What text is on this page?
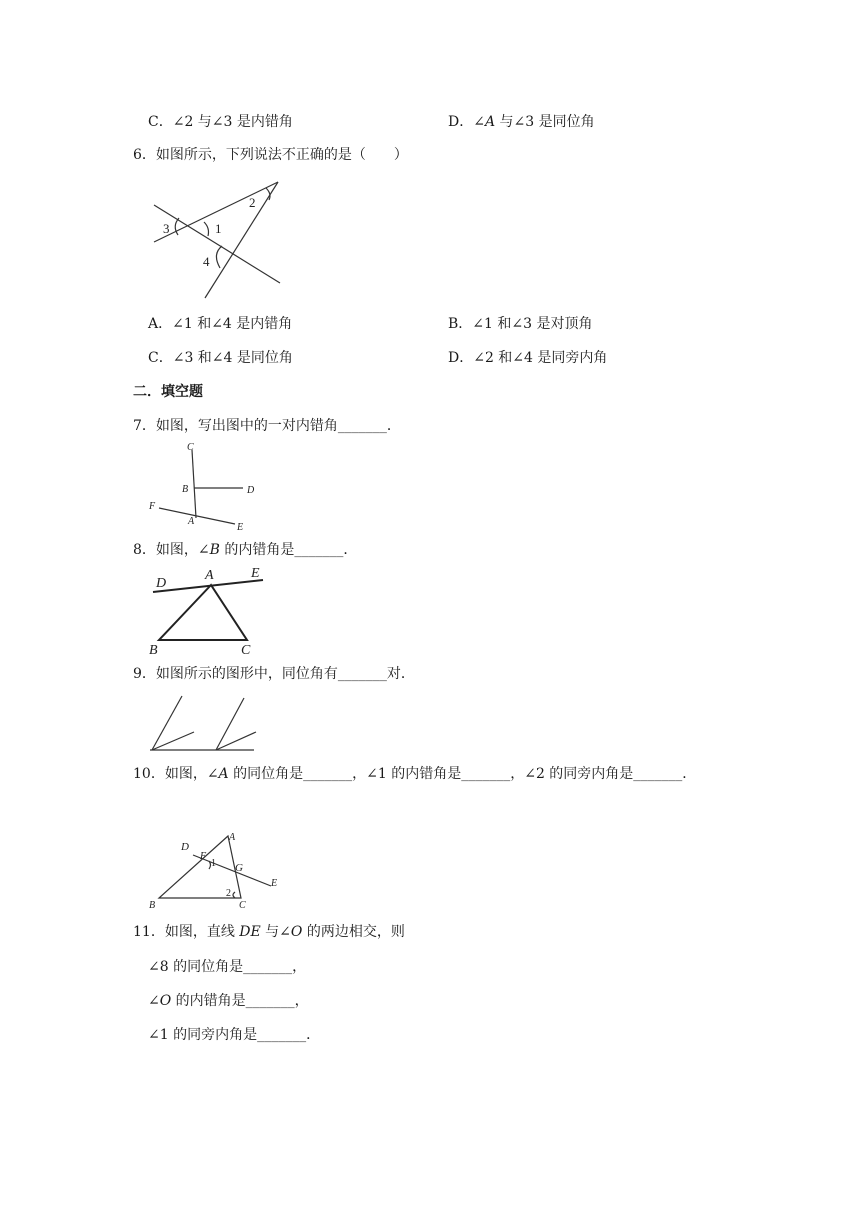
C．∠2 与∠3 是内错角	D．∠A 与∠3 是同位角
6．如图所示，下列说法不正确的是（　　）
3	1
2
4
A．∠1 和∠4 是内错角	B．∠1 和∠3 是对顶角
C．∠3 和∠4 是同位角	D．∠2 和∠4 是同旁内角
二．填空题
7．如图，写出图中的一对内错角_______．
C
B	D
F
A
E
8．如图，∠B 的内错角是_______．
D
A	E
B	C
9．如图所示的图形中，同位角有_______对．
10．如图，∠A 的同位角是_______，∠1 的内错角是_______，∠2 的同旁内角是_______．
A
D
F
1 G
E
2
B	C
11．如图，直线 DE 与∠O 的两边相交，则
∠8 的同位角是_______，
∠O 的内错角是_______，
∠1 的同旁内角是_______．
